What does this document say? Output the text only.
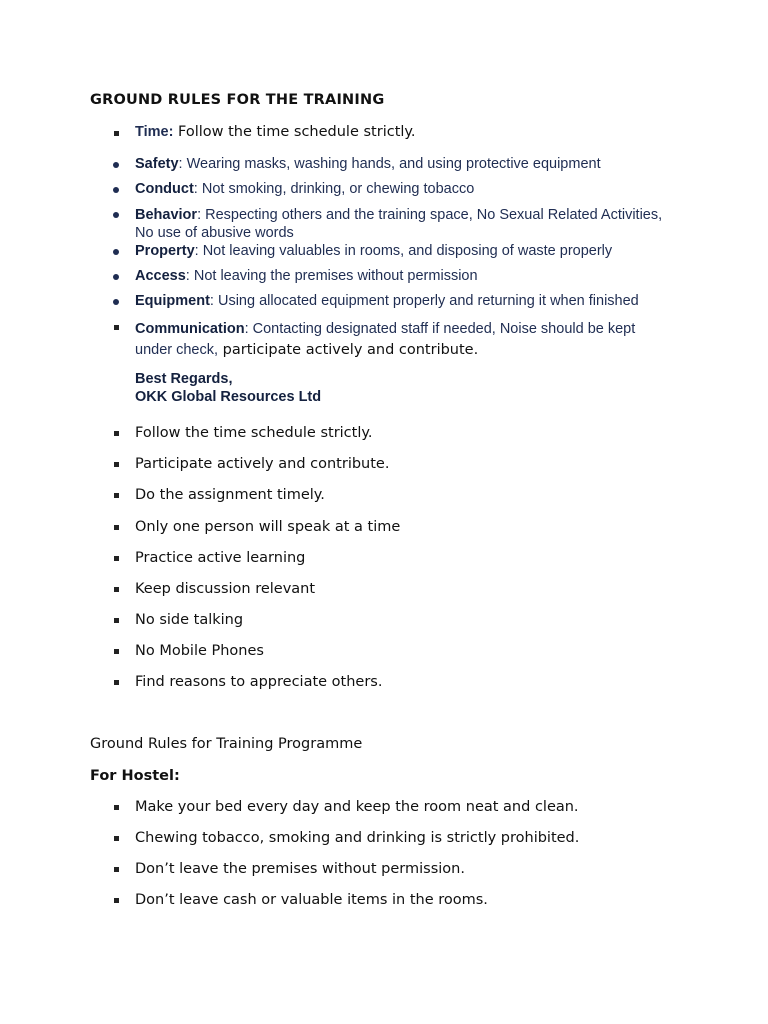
GROUND RULES FOR THE TRAINING
Time: Follow the time schedule strictly.
Safety: Wearing masks, washing hands, and using protective equipment
Conduct: Not smoking, drinking, or chewing tobacco
Behavior: Respecting others and the training space, No Sexual Related Activities, No use of abusive words
Property: Not leaving valuables in rooms, and disposing of waste properly
Access: Not leaving the premises without permission
Equipment: Using allocated equipment properly and returning it when finished
Communication: Contacting designated staff if needed, Noise should be kept under check, participate actively and contribute.
Best Regards,
OKK Global Resources Ltd
Follow the time schedule strictly.
Participate actively and contribute.
Do the assignment timely.
Only one person will speak at a time
Practice active learning
Keep discussion relevant
No side talking
No Mobile Phones
Find reasons to appreciate others.
Ground Rules for Training Programme
For Hostel:
Make your bed every day and keep the room neat and clean.
Chewing tobacco, smoking and drinking is strictly prohibited.
Don’t leave the premises without permission.
Don’t leave cash or valuable items in the rooms.
